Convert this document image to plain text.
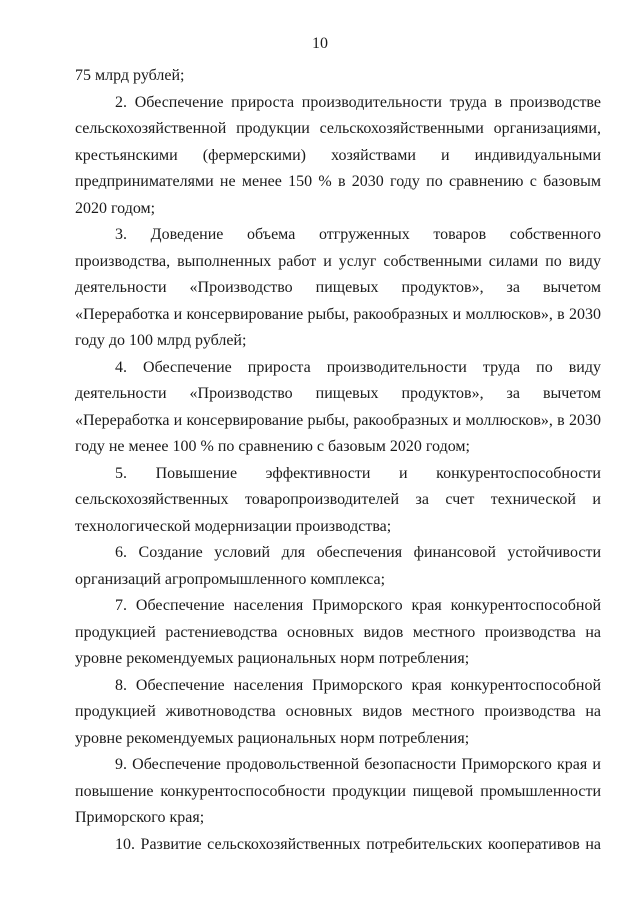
10

75 млрд рублей;

2. Обеспечение прироста производительности труда в производстве сельскохозяйственной продукции сельскохозяйственными организациями, крестьянскими (фермерскими) хозяйствами и индивидуальными предпринимателями не менее 150 % в 2030 году по сравнению с базовым 2020 годом;

3. Доведение объема отгруженных товаров собственного производства, выполненных работ и услуг собственными силами по виду деятельности «Производство пищевых продуктов», за вычетом «Переработка и консервирование рыбы, ракообразных и моллюсков», в 2030 году до 100 млрд рублей;

4. Обеспечение прироста производительности труда по виду деятельности «Производство пищевых продуктов», за вычетом «Переработка и консервирование рыбы, ракообразных и моллюсков», в 2030 году не менее 100 % по сравнению с базовым 2020 годом;

5. Повышение эффективности и конкурентоспособности сельскохозяйственных товаропроизводителей за счет технической и технологической модернизации производства;

6. Создание условий для обеспечения финансовой устойчивости организаций агропромышленного комплекса;

7. Обеспечение населения Приморского края конкурентоспособной продукцией растениеводства основных видов местного производства на уровне рекомендуемых рациональных норм потребления;

8. Обеспечение населения Приморского края конкурентоспособной продукцией животноводства основных видов местного производства на уровне рекомендуемых рациональных норм потребления;

9. Обеспечение продовольственной безопасности Приморского края и повышение конкурентоспособности продукции пищевой промышленности Приморского края;

10. Развитие сельскохозяйственных потребительских кооперативов на
